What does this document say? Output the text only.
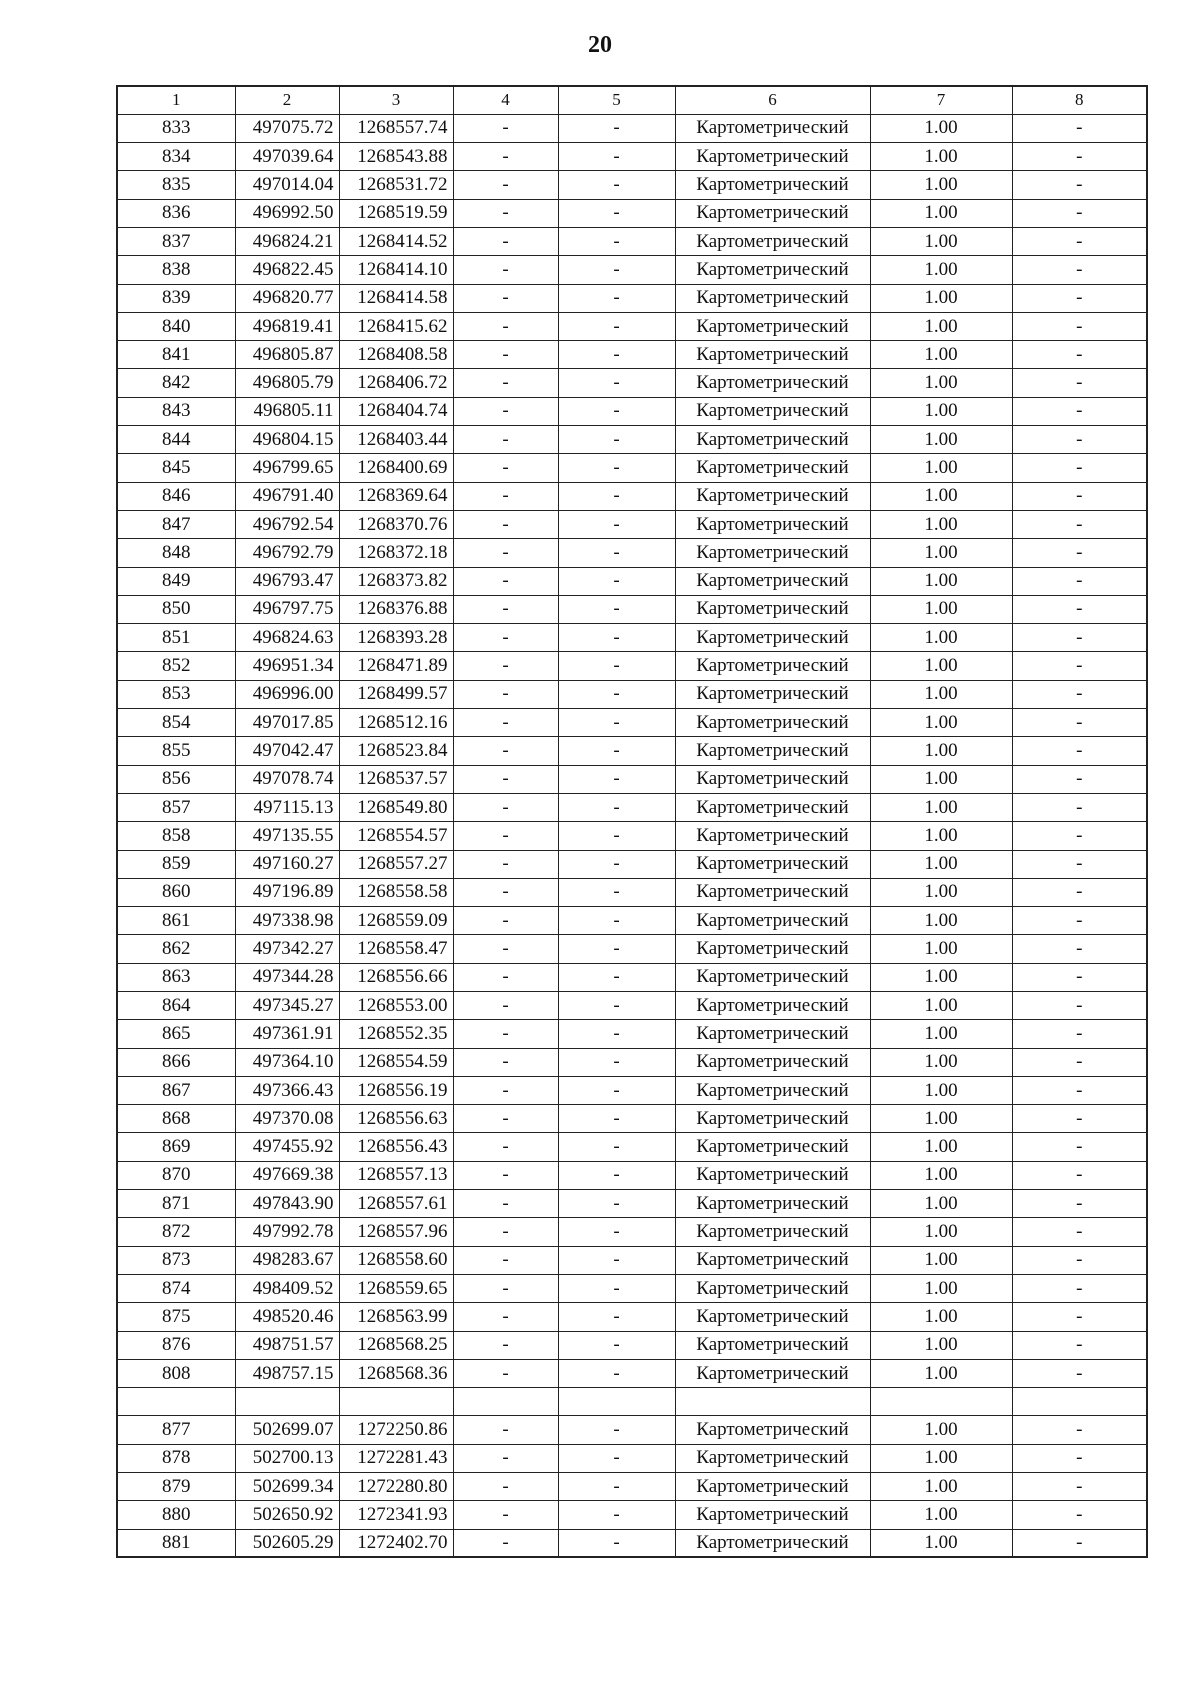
20
1	2	3	4	5	6	7	8
833	497075.72	1268557.74	-	-	Картометрический	1.00	-
834	497039.64	1268543.88	-	-	Картометрический	1.00	-
835	497014.04	1268531.72	-	-	Картометрический	1.00	-
836	496992.50	1268519.59	-	-	Картометрический	1.00	-
837	496824.21	1268414.52	-	-	Картометрический	1.00	-
838	496822.45	1268414.10	-	-	Картометрический	1.00	-
839	496820.77	1268414.58	-	-	Картометрический	1.00	-
840	496819.41	1268415.62	-	-	Картометрический	1.00	-
841	496805.87	1268408.58	-	-	Картометрический	1.00	-
842	496805.79	1268406.72	-	-	Картометрический	1.00	-
843	496805.11	1268404.74	-	-	Картометрический	1.00	-
844	496804.15	1268403.44	-	-	Картометрический	1.00	-
845	496799.65	1268400.69	-	-	Картометрический	1.00	-
846	496791.40	1268369.64	-	-	Картометрический	1.00	-
847	496792.54	1268370.76	-	-	Картометрический	1.00	-
848	496792.79	1268372.18	-	-	Картометрический	1.00	-
849	496793.47	1268373.82	-	-	Картометрический	1.00	-
850	496797.75	1268376.88	-	-	Картометрический	1.00	-
851	496824.63	1268393.28	-	-	Картометрический	1.00	-
852	496951.34	1268471.89	-	-	Картометрический	1.00	-
853	496996.00	1268499.57	-	-	Картометрический	1.00	-
854	497017.85	1268512.16	-	-	Картометрический	1.00	-
855	497042.47	1268523.84	-	-	Картометрический	1.00	-
856	497078.74	1268537.57	-	-	Картометрический	1.00	-
857	497115.13	1268549.80	-	-	Картометрический	1.00	-
858	497135.55	1268554.57	-	-	Картометрический	1.00	-
859	497160.27	1268557.27	-	-	Картометрический	1.00	-
860	497196.89	1268558.58	-	-	Картометрический	1.00	-
861	497338.98	1268559.09	-	-	Картометрический	1.00	-
862	497342.27	1268558.47	-	-	Картометрический	1.00	-
863	497344.28	1268556.66	-	-	Картометрический	1.00	-
864	497345.27	1268553.00	-	-	Картометрический	1.00	-
865	497361.91	1268552.35	-	-	Картометрический	1.00	-
866	497364.10	1268554.59	-	-	Картометрический	1.00	-
867	497366.43	1268556.19	-	-	Картометрический	1.00	-
868	497370.08	1268556.63	-	-	Картометрический	1.00	-
869	497455.92	1268556.43	-	-	Картометрический	1.00	-
870	497669.38	1268557.13	-	-	Картометрический	1.00	-
871	497843.90	1268557.61	-	-	Картометрический	1.00	-
872	497992.78	1268557.96	-	-	Картометрический	1.00	-
873	498283.67	1268558.60	-	-	Картометрический	1.00	-
874	498409.52	1268559.65	-	-	Картометрический	1.00	-
875	498520.46	1268563.99	-	-	Картометрический	1.00	-
876	498751.57	1268568.25	-	-	Картометрический	1.00	-
808	498757.15	1268568.36	-	-	Картометрический	1.00	-

877	502699.07	1272250.86	-	-	Картометрический	1.00	-
878	502700.13	1272281.43	-	-	Картометрический	1.00	-
879	502699.34	1272280.80	-	-	Картометрический	1.00	-
880	502650.92	1272341.93	-	-	Картометрический	1.00	-
881	502605.29	1272402.70	-	-	Картометрический	1.00	-
